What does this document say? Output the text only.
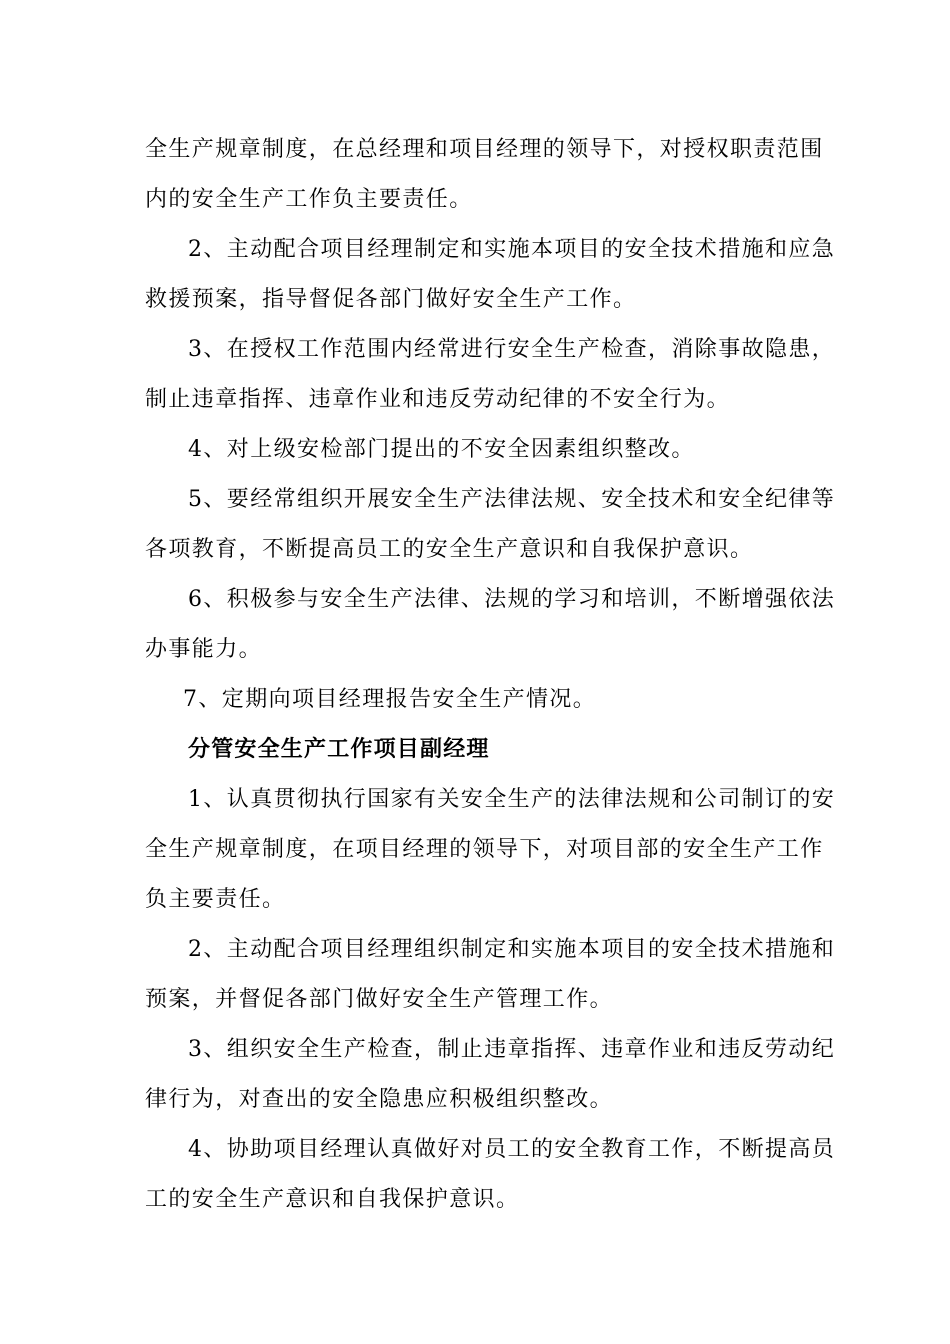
全生产规章制度，在总经理和项目经理的领导下，对授权职责范围

内的安全生产工作负主要责任。

2、主动配合项目经理制定和实施本项目的安全技术措施和应急

救援预案，指导督促各部门做好安全生产工作。

3、在授权工作范围内经常进行安全生产检查，消除事故隐患，

制止违章指挥、违章作业和违反劳动纪律的不安全行为。

4、对上级安检部门提出的不安全因素组织整改。

5、要经常组织开展安全生产法律法规、安全技术和安全纪律等

各项教育，不断提高员工的安全生产意识和自我保护意识。

6、积极参与安全生产法律、法规的学习和培训，不断增强依法

办事能力。

7、定期向项目经理报告安全生产情况。

分管安全生产工作项目副经理

1、认真贯彻执行国家有关安全生产的法律法规和公司制订的安

全生产规章制度，在项目经理的领导下，对项目部的安全生产工作

负主要责任。

2、主动配合项目经理组织制定和实施本项目的安全技术措施和

预案，并督促各部门做好安全生产管理工作。

3、组织安全生产检查，制止违章指挥、违章作业和违反劳动纪

律行为，对查出的安全隐患应积极组织整改。

4、协助项目经理认真做好对员工的安全教育工作，不断提高员

工的安全生产意识和自我保护意识。
